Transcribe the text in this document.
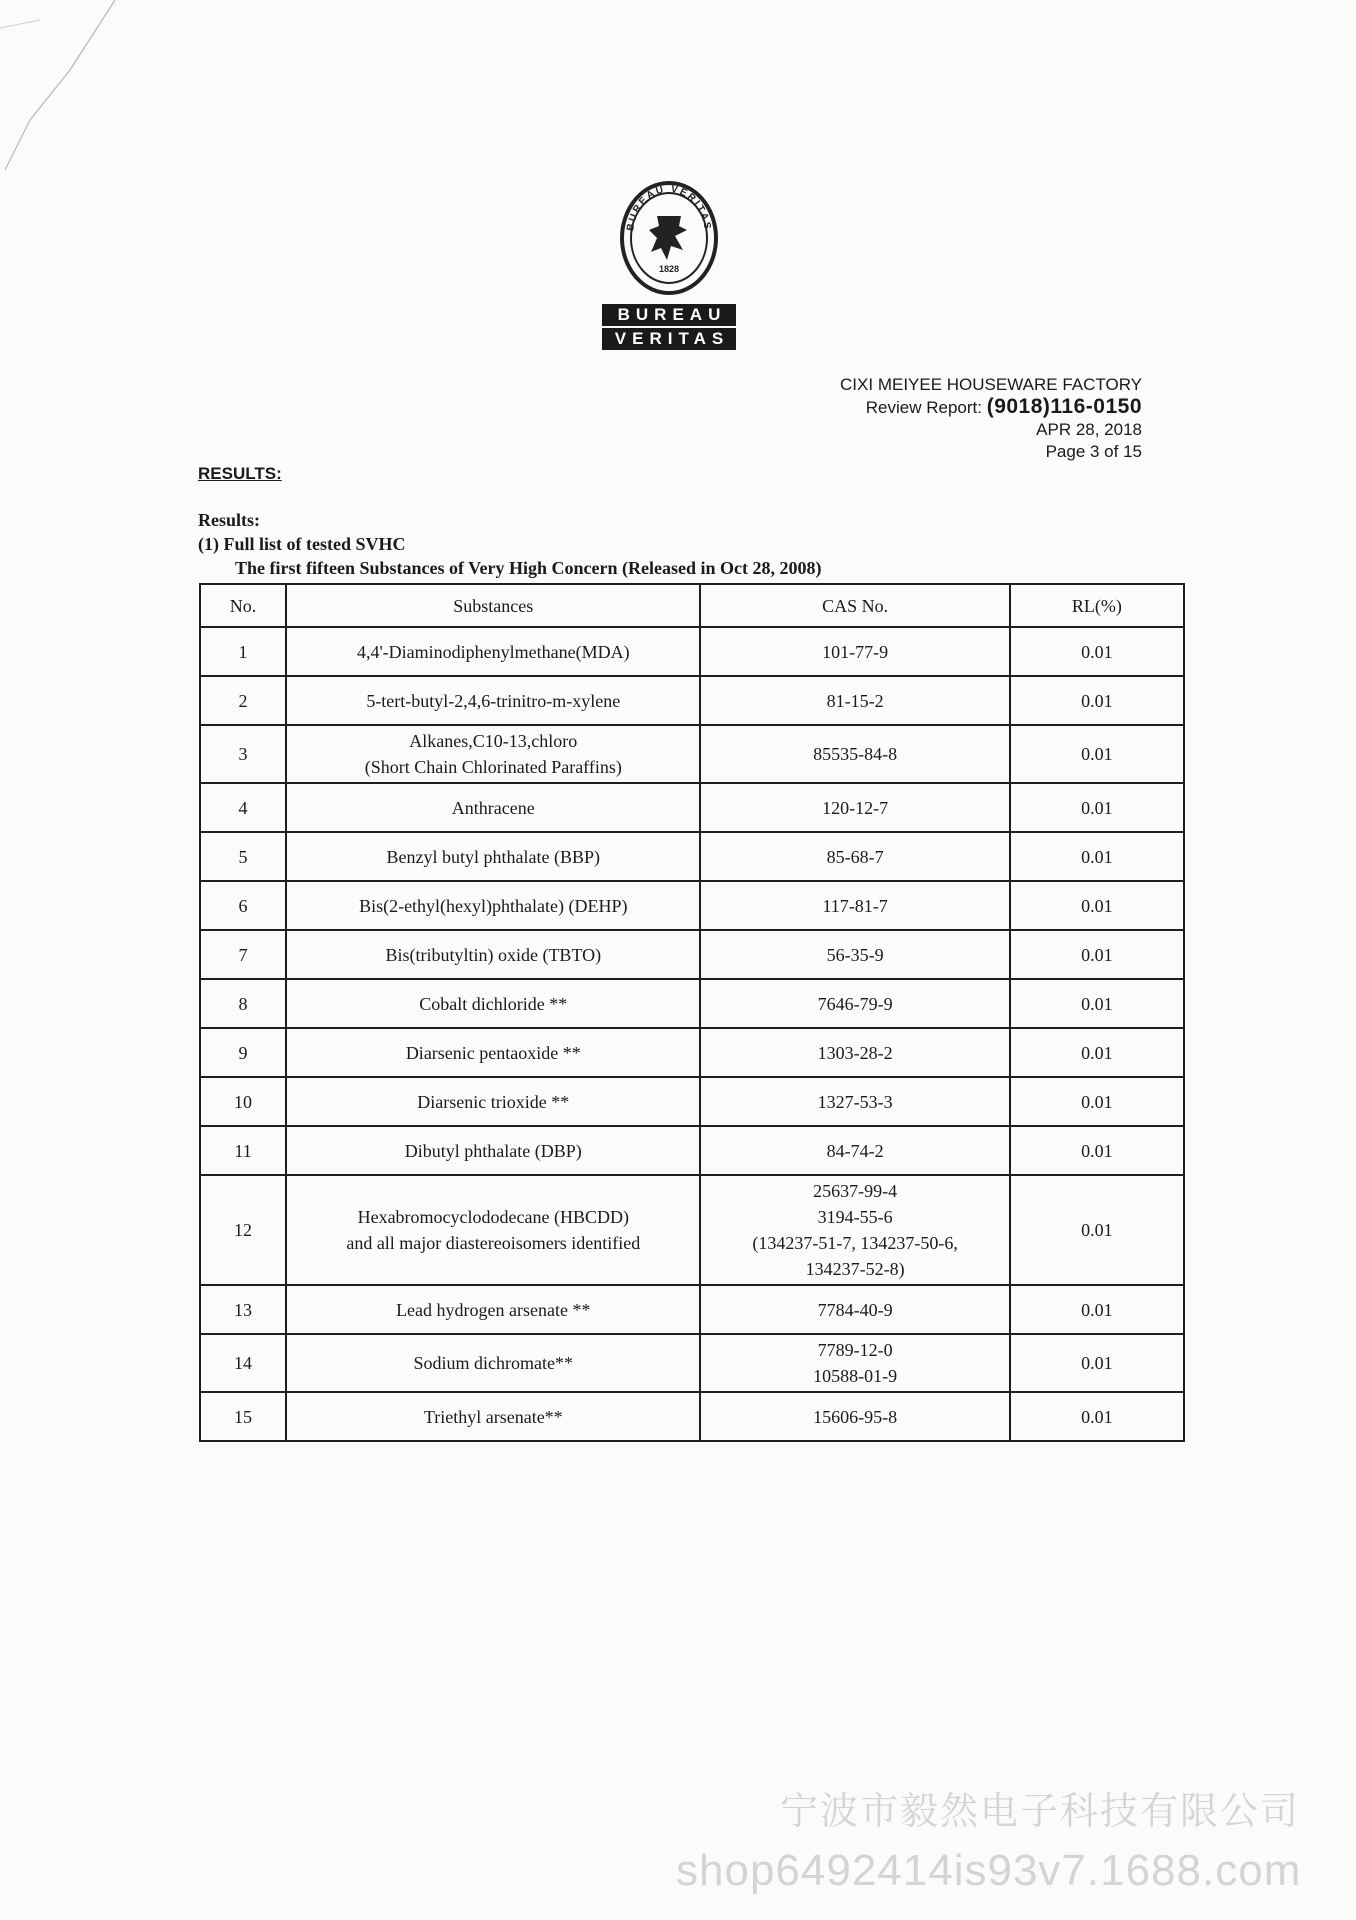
BUREAU VERITAS
1828
BUREAU
VERITAS
CIXI MEIYEE HOUSEWARE FACTORY
Review Report: (9018)116-0150
APR 28, 2018
Page 3 of 15
RESULTS:
Results:
(1) Full list of tested SVHC
The first fifteen Substances of Very High Concern (Released in Oct 28, 2008)
No.	Substances	CAS No.	RL(%)
1	4,4'-Diaminodiphenylmethane(MDA)	101-77-9	0.01
2	5-tert-butyl-2,4,6-trinitro-m-xylene	81-15-2	0.01
3	Alkanes,C10-13,chloro
(Short Chain Chlorinated Paraffins)	85535-84-8	0.01
4	Anthracene	120-12-7	0.01
5	Benzyl butyl phthalate (BBP)	85-68-7	0.01
6	Bis(2-ethyl(hexyl)phthalate) (DEHP)	117-81-7	0.01
7	Bis(tributyltin) oxide (TBTO)	56-35-9	0.01
8	Cobalt dichloride **	7646-79-9	0.01
9	Diarsenic pentaoxide **	1303-28-2	0.01
10	Diarsenic trioxide **	1327-53-3	0.01
11	Dibutyl phthalate (DBP)	84-74-2	0.01
12	Hexabromocyclododecane (HBCDD)
and all major diastereoisomers identified	25637-99-4
3194-55-6
(134237-51-7, 134237-50-6,
134237-52-8)	0.01
13	Lead hydrogen arsenate **	7784-40-9	0.01
14	Sodium dichromate**	7789-12-0
10588-01-9	0.01
15	Triethyl arsenate**	15606-95-8	0.01
宁波市毅然电子科技有限公司
shop6492414is93v7.1688.com
